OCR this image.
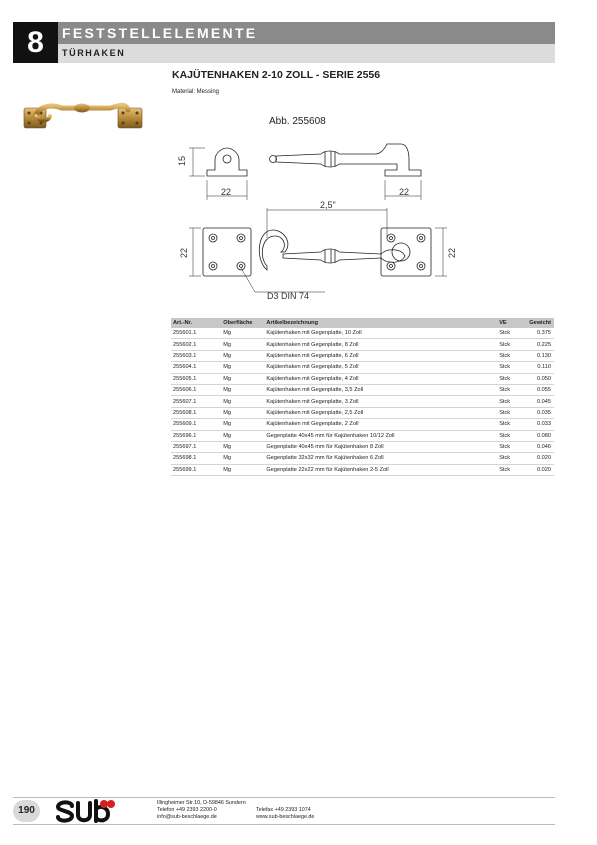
8	FESTSTELLELEMENTE
TÜRHAKEN
KAJÜTENHAKEN 2-10 ZOLL - SERIE 2556
Material: Messing
Abb. 255608
15
22	22
2,5"
22
D3 DIN 74
22
Art.-Nr.	Oberfläche	Artikelbezeichnung	VE	Gewicht
255601.1	Mg	Kajütenhaken mit Gegenplatte, 10 Zoll	Stck	0.375
255602.1	Mg	Kajütenhaken mit Gegenplatte, 8 Zoll	Stck	0.225
255603.1	Mg	Kajütenhaken mit Gegenplatte, 6 Zoll	Stck	0.130
255604.1	Mg	Kajütenhaken mit Gegenplatte, 5 Zoll	Stck	0.110
255605.1	Mg	Kajütenhaken mit Gegenplatte, 4 Zoll	Stck	0.050
255606.1	Mg	Kajütenhaken mit Gegenplatte, 3,5 Zoll	Stck	0.055
255607.1	Mg	Kajütenhaken mit Gegenplatte, 3 Zoll	Stck	0.045
255608.1	Mg	Kajütenhaken mit Gegenplatte, 2,5 Zoll	Stck	0.035
255609.1	Mg	Kajütenhaken mit Gegenplatte, 2 Zoll	Stck	0.033
255696.1	Mg	Gegenplatte 40x45 mm für Kajütenhaken 10/12 Zoll	Stck	0.080
255697.1	Mg	Gegenplatte 40x45 mm für Kajütenhaken 8 Zoll	Stck	0.046
255698.1	Mg	Gegenplatte 32x32 mm für Kajütenhaken 6 Zoll	Stck	0.020
255699.1	Mg	Gegenplatte 22x22 mm für Kajütenhaken 2-5 Zoll	Stck	0.020
190
Illingheimer Str.10, D-59846 Sundern
Telefon +49 2393 2200-0
info@sub-beschlaege.de
Telefax +49 2393 1074
www.sub-beschlaege.de
